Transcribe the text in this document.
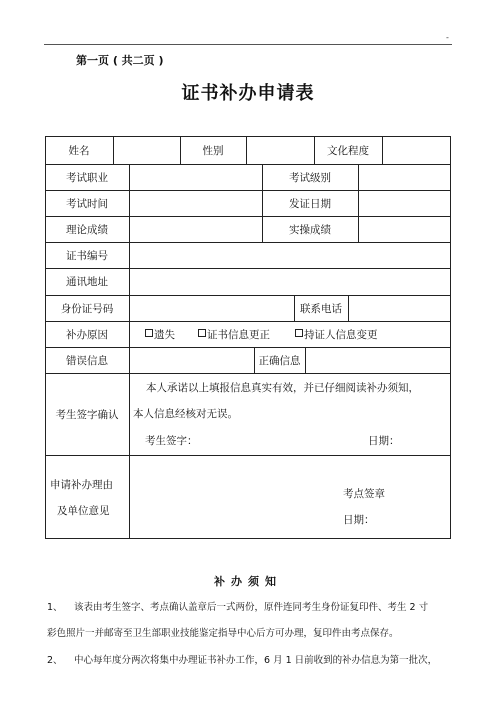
-
第一页 ( 共二页 )
证书补办申请表
姓名	性别	文化程度
考试职业	考试级别
考试时间	发证日期
理论成绩	实操成绩
证书编号
通讯地址
身份证号码	联系电话
补办原因	遗失	证书信息更正	持证人信息变更
错误信息	正确信息
考生签字确认
本人承诺以上填报信息真实有效，并已仔细阅读补办须知，
本人信息经核对无误。
考生签字：	日期：
申请补办理由
及单位意见
考点签章
日期：
补办须知
1、 该表由考生签字、考点确认盖章后一式两份，原件连同考生身份证复印件、考生 2 寸
彩色照片一并邮寄至卫生部职业技能鉴定指导中心后方可办理，复印件由考点保存。
2、 中心每年度分两次将集中办理证书补办工作，6 月 1 日前收到的补办信息为第一批次，
